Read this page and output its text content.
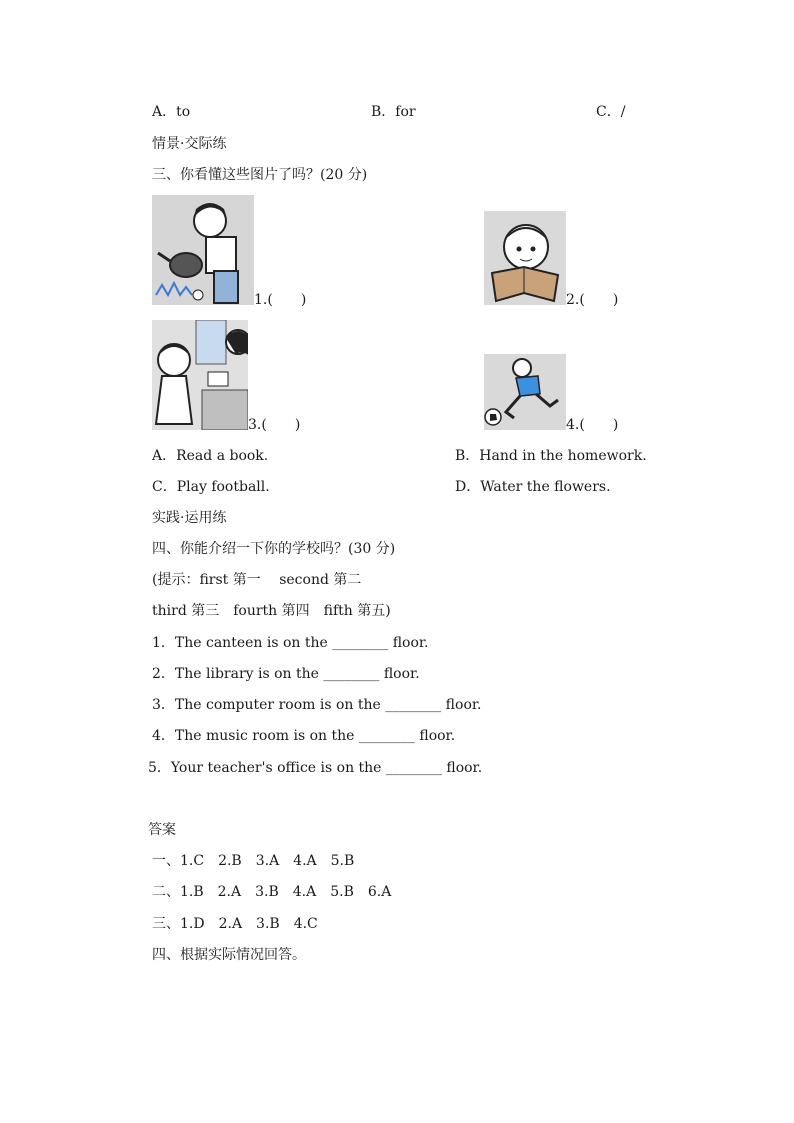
A．to	B．for	C．/
情景·交际练
三、你看懂这些图片了吗？(20 分)
1.(　　)	2.(　　)
3.(　　)	4.(　　)
A．Read a book.	B．Hand in the homework.
C．Play football.	D．Water the flowers.
实践·运用练
四、你能介绍一下你的学校吗？(30 分)
(提示：first 第一　 second 第二
third 第三　fourth 第四　fifth 第五)
1．The canteen is on the ________ floor.
2．The library is on the ________ floor.
3．The computer room is on the ________ floor.
4．The music room is on the ________ floor.
5．Your teacher's office is on the ________ floor.
答案
一、1.C　2.B　3.A　4.A　5.B
二、1.B　2.A　3.B　4.A　5.B　6.A
三、1.D　2.A　3.B　4.C
四、根据实际情况回答。
